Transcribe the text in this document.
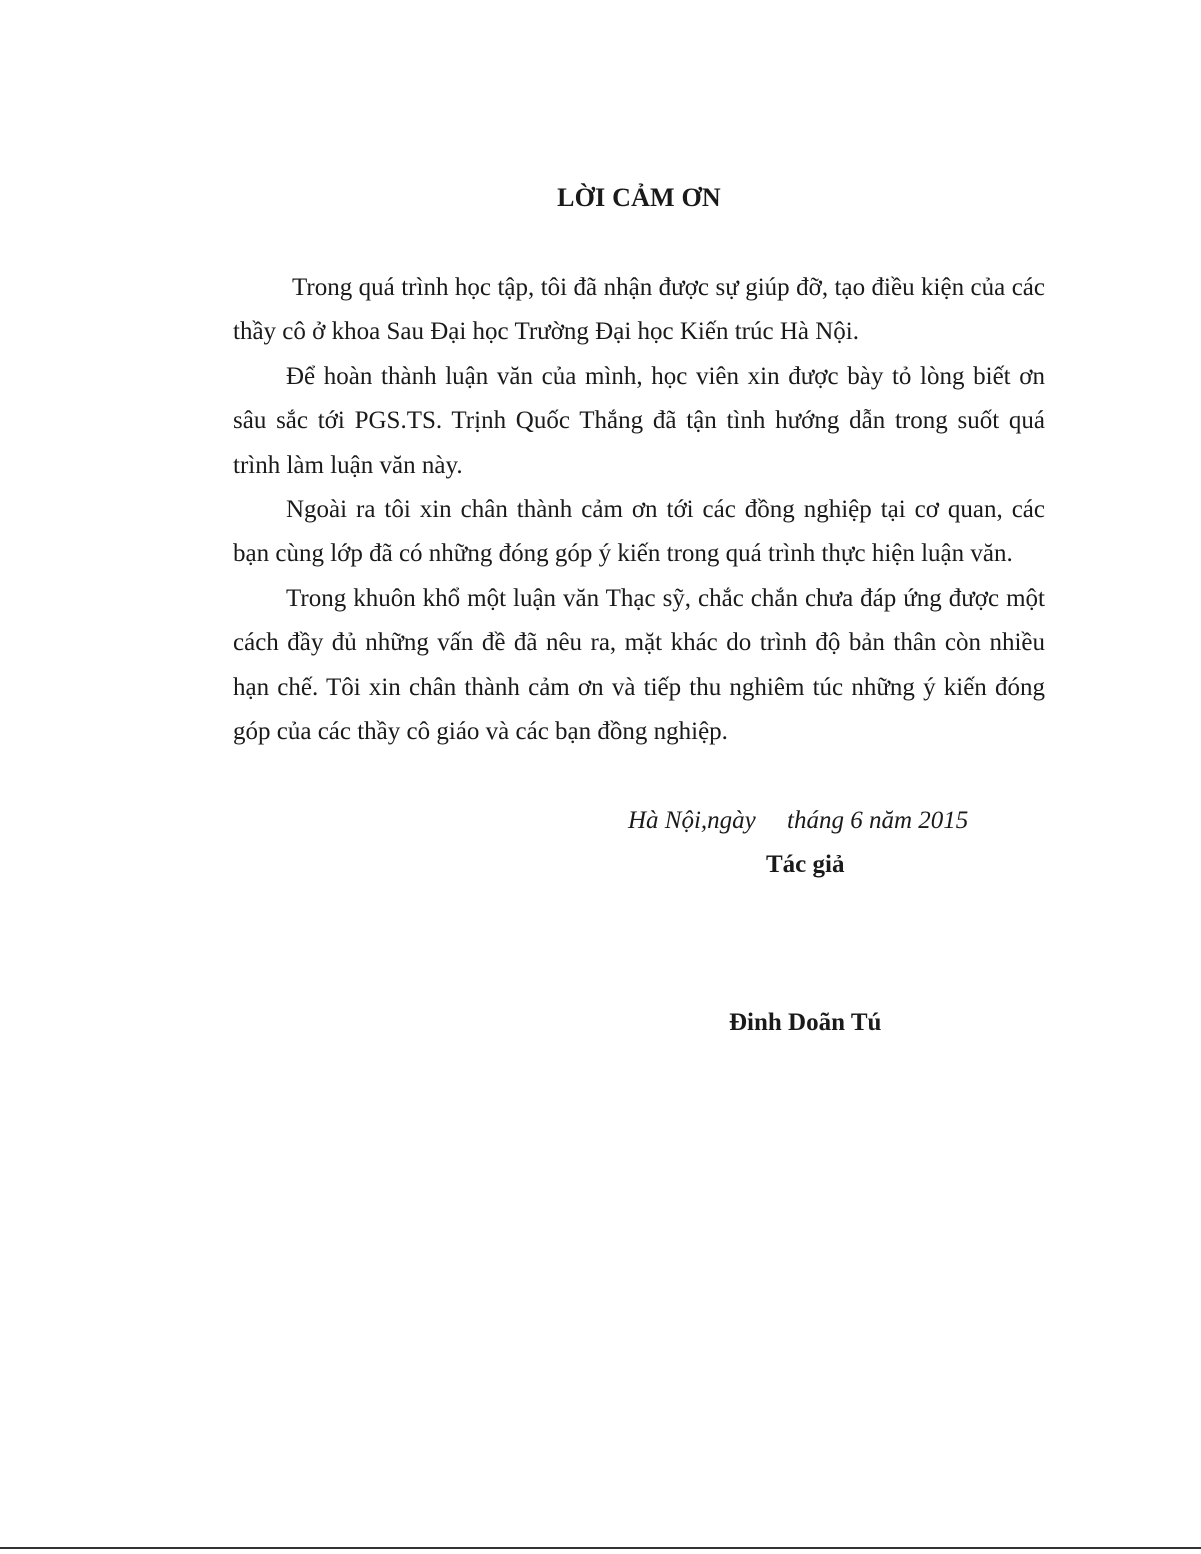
LỜI CẢM ƠN

Trong quá trình học tập, tôi đã nhận được sự giúp đỡ, tạo điều kiện của các thầy cô ở khoa Sau Đại học Trường Đại học Kiến trúc Hà Nội.

Để hoàn thành luận văn của mình, học viên xin được bày tỏ lòng biết ơn sâu sắc tới PGS.TS. Trịnh Quốc Thắng đã tận tình hướng dẫn trong suốt quá trình làm luận văn này.

Ngoài ra tôi xin chân thành cảm ơn tới các đồng nghiệp tại cơ quan, các bạn cùng lớp đã có những đóng góp ý kiến trong quá trình thực hiện luận văn.

Trong khuôn khổ một luận văn Thạc sỹ, chắc chắn chưa đáp ứng được một cách đầy đủ những vấn đề đã nêu ra, mặt khác do trình độ bản thân còn nhiều hạn chế. Tôi xin chân thành cảm ơn và tiếp thu nghiêm túc những ý kiến đóng góp của các thầy cô giáo và các bạn đồng nghiệp.

Hà Nội,ngày     tháng 6 năm 2015
Tác giả
Đinh Doãn Tú
